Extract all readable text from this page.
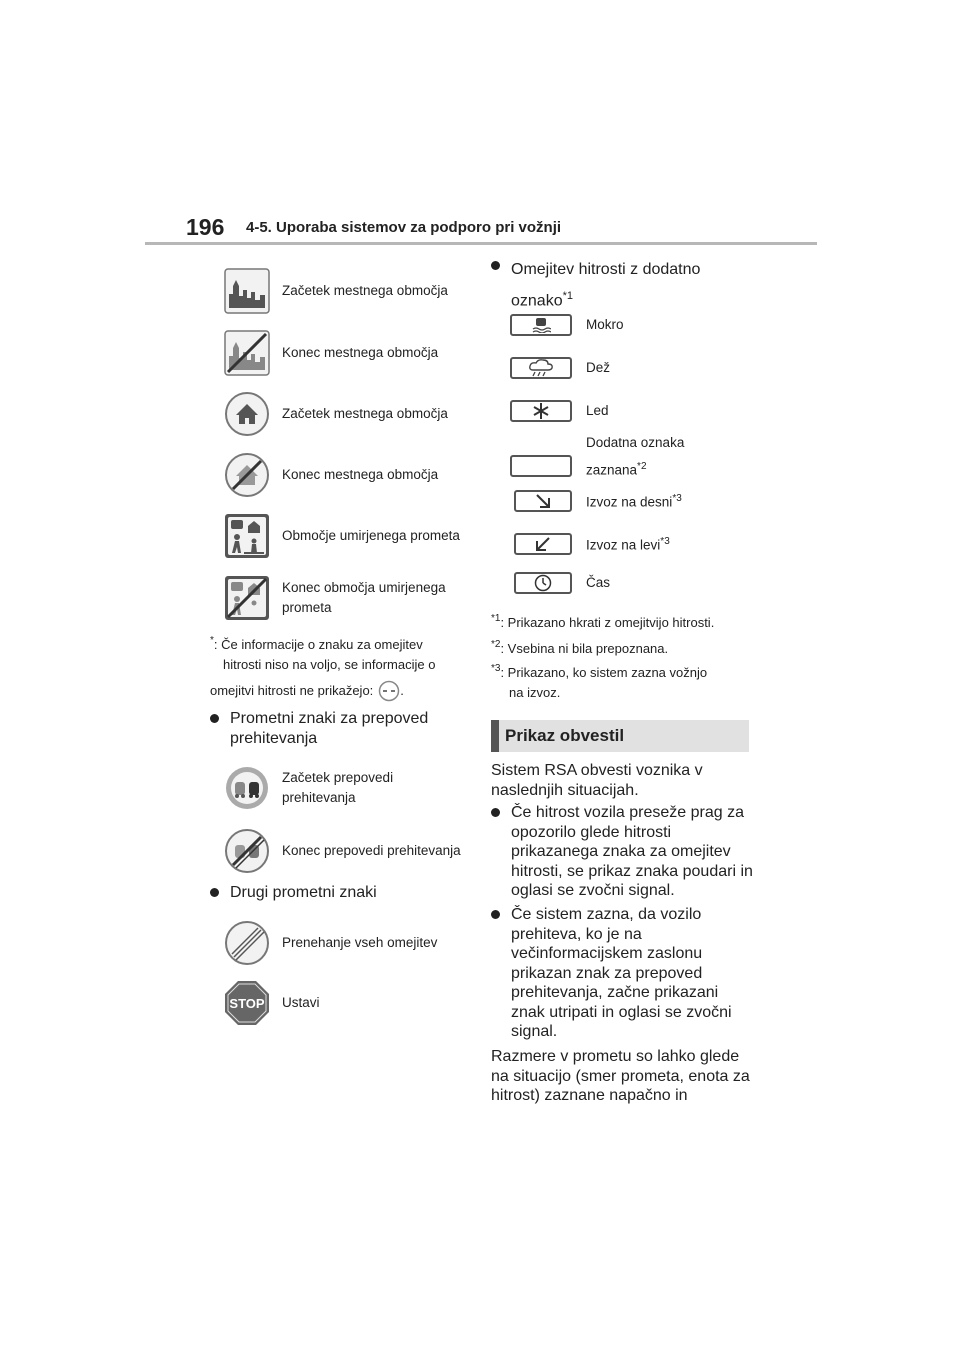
196 4-5. Uporaba sistemov za podporo pri vožnji
Začetek mestnega območja
Konec mestnega območja
Začetek mestnega območja
Konec mestnega območja
Območje umirjenega prometa
Konec območja umirjenega prometa
*: Če informacije o znaku za omejitev
hitrosti niso na voljo, se informacije o
omejitvi hitrosti ne prikažejo: .
Prometni znaki za prepoved prehitevanja
Začetek prepovedi prehitevanja
Konec prepovedi prehitevanja
Drugi prometni znaki
Prenehanje vseh omejitev
STOP Ustavi
Omejitev hitrosti z dodatno oznako$^{*1}$
Mokro
Dež
Led
Dodatna oznaka zaznana$^{*2}$
Izvoz na desni$^{*3}$
Izvoz na levi$^{*3}$
Čas
$^{*1}$: Prikazano hkrati z omejitvijo hitrosti.
$^{*2}$: Vsebina ni bila prepoznana.
$^{*3}$: Prikazano, ko sistem zazna vožnjo
na izvoz.
Prikaz obvestil
Sistem RSA obvesti voznika v naslednjih situacijah.
Če hitrost vozila preseže prag za opozorilo glede hitrosti prikazanega znaka za omejitev hitrosti, se prikaz znaka poudari in oglasi se zvočni signal.
Če sistem zazna, da vozilo prehiteva, ko je na večinformacijskem zaslonu prikazan znak za prepoved prehitevanja, začne prikazani znak utripati in oglasi se zvočni signal.
Razmere v prometu so lahko glede na situacijo (smer prometa, enota za hitrost) zaznane napačno in
